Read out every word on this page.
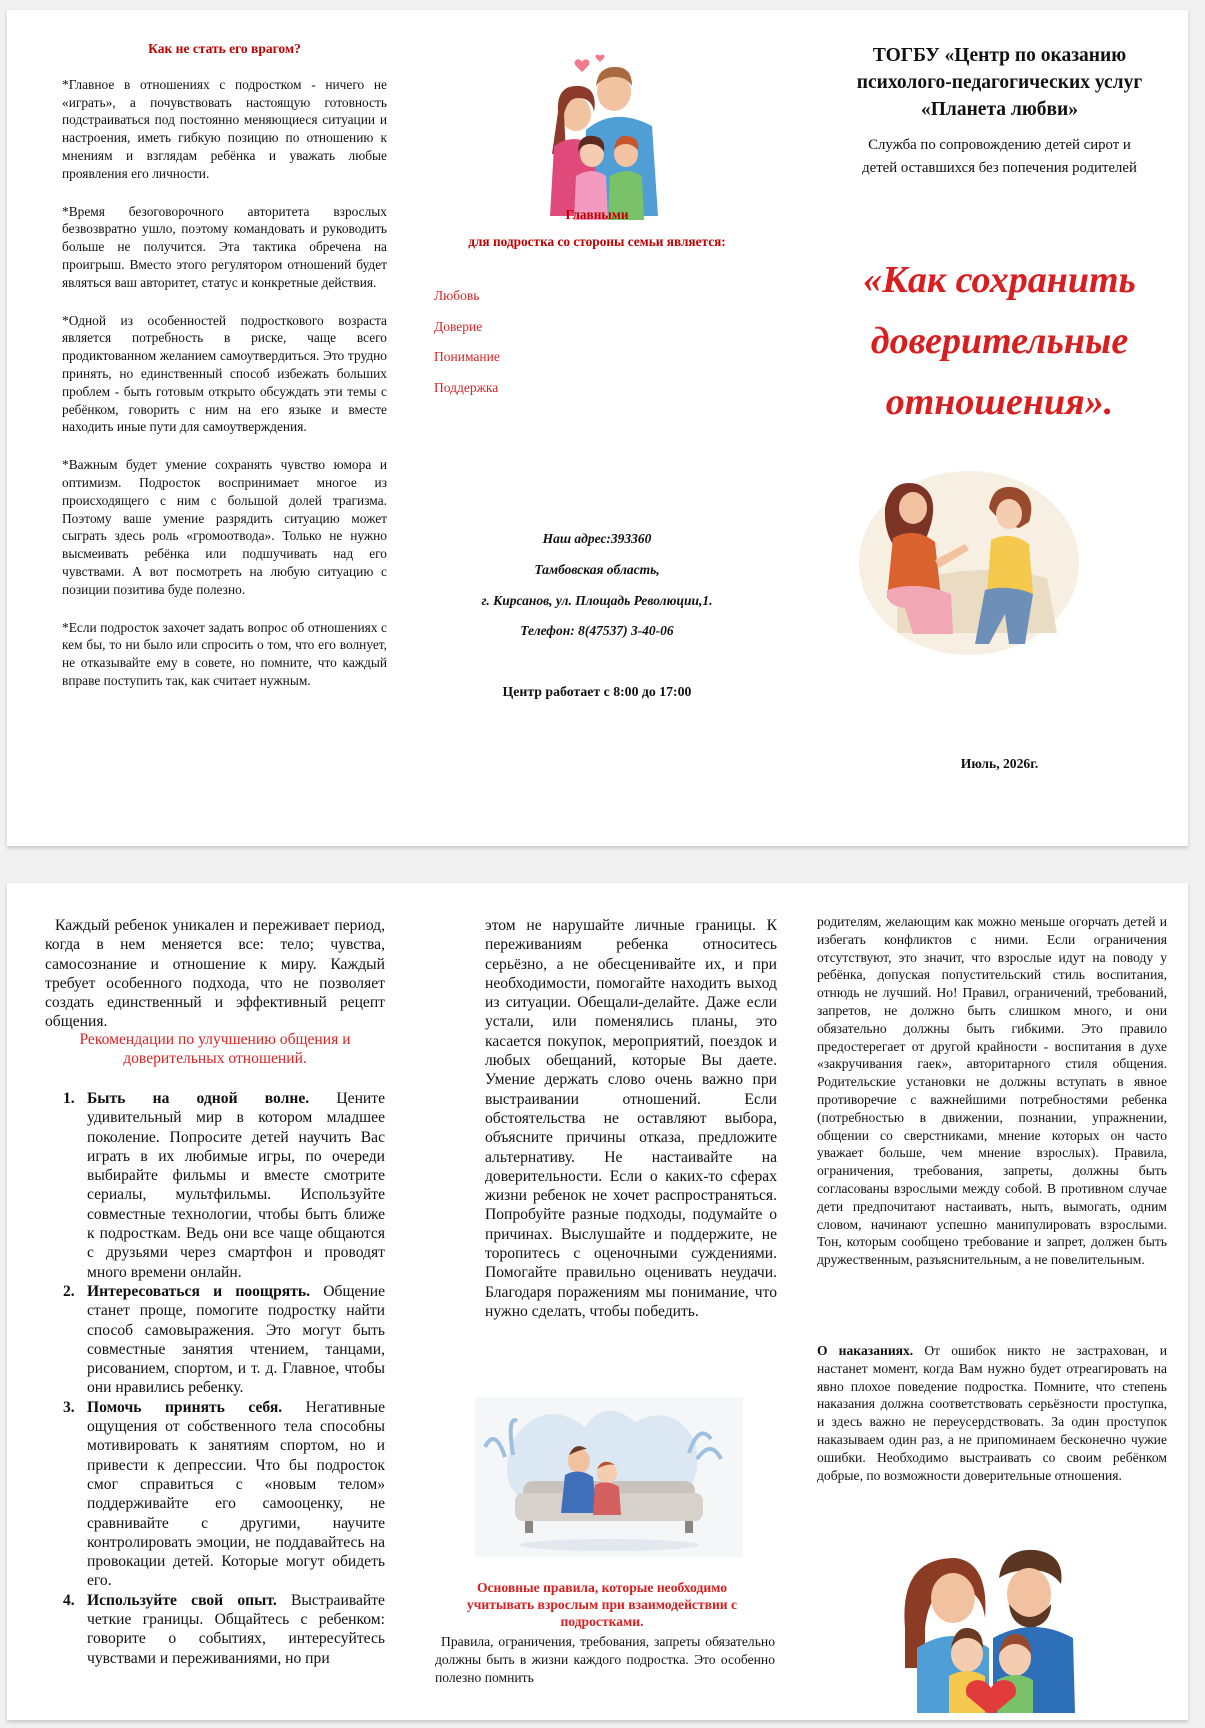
Как не стать его врагом?

*Главное в отношениях с подростком - ничего не «играть», а почувствовать настоящую готовность подстраиваться под постоянно меняющиеся ситуации и настроения, иметь гибкую позицию по отношению к мнениям и взглядам ребёнка и уважать любые проявления его личности.

*Время безоговорочного авторитета взрослых безвозвратно ушло, поэтому командовать и руководить больше не получится. Эта тактика обречена на проигрыш. Вместо этого регулятором отношений будет являться ваш авторитет, статус и конкретные действия.

*Одной из особенностей подросткового возраста является потребность в риске, чаще всего продиктованном желанием самоутвердиться. Это трудно принять, но единственный способ избежать больших проблем - быть готовым открыто обсуждать эти темы с ребёнком, говорить с ним на его языке и вместе находить иные пути для самоутверждения.

*Важным будет умение сохранять чувство юмора и оптимизм. Подросток воспринимает многое из происходящего с ним с большой долей трагизма. Поэтому ваше умение разрядить ситуацию может сыграть здесь роль «громоотвода». Только не нужно высмеивать ребёнка или подшучивать над его чувствами. А вот посмотреть на любую ситуацию с позиции позитива буде полезно.

*Если подросток захочет задать вопрос об отношениях с кем бы, то ни было или спросить о том, что его волнует, не отказывайте ему в совете, но помните, что каждый вправе поступить так, как считает нужным.

Главными
для подростка со стороны семьи является:
Любовь
Доверие
Понимание
Поддержка
Наш адрес:393360
Тамбовская область,
г. Кирсанов, ул. Площадь Революции,1.
Телефон: 8(47537) 3-40-06
Центр работает с 8:00 до 17:00
ТОГБУ «Центр по оказанию
психолого-педагогических услуг
«Планета любви»
Служба по сопровождению детей сирот и
детей оставшихся без попечения родителей
«Как сохранить
доверительные
отношения».
Июль, 2026г.
Каждый ребенок уникален и переживает период, когда в нем меняется все: тело; чувства, самосознание и отношение к миру. Каждый требует особенного подхода, что не позволяет создать единственный и эффективный рецепт общения.
Рекомендации по улучшению общения и
доверительных отношений.
1. Быть на одной волне. Цените удивительный мир в котором младшее поколение. Попросите детей научить Вас играть в их любимые игры, по очереди выбирайте фильмы и вместе смотрите сериалы, мультфильмы. Используйте совместные технологии, чтобы быть ближе к подросткам. Ведь они все чаще общаются с друзьями через смартфон и проводят много времени онлайн.
2. Интересоваться и поощрять. Общение станет проще, помогите подростку найти способ самовыражения. Это могут быть совместные занятия чтением, танцами, рисованием, спортом, и т. д. Главное, чтобы они нравились ребенку.
3. Помочь принять себя. Негативные ощущения от собственного тела способны мотивировать к занятиям спортом, но и привести к депрессии. Что бы подросток смог справиться с «новым телом» поддерживайте его самооценку, не сравнивайте с другими, научите контролировать эмоции, не поддавайтесь на провокации детей. Которые могут обидеть его.
4. Используйте свой опыт. Выстраивайте четкие границы. Общайтесь с ребенком: говорите о событиях, интересуйтесь чувствами и переживаниями, но при
этом не нарушайте личные границы. К переживаниям ребенка относитесь серьёзно, а не обесценивайте их, и при необходимости, помогайте находить выход из ситуации. Обещали-делайте. Даже если устали, или поменялись планы, это касается покупок, мероприятий, поездок и любых обещаний, которые Вы даете. Умение держать слово очень важно при выстраивании отношений. Если обстоятельства не оставляют выбора, объясните причины отказа, предложите альтернативу. Не настаивайте на доверительности. Если о каких-то сферах жизни ребенок не хочет распространяться. Попробуйте разные подходы, подумайте о причинах. Выслушайте и поддержите, не торопитесь с оценочными суждениями. Помогайте правильно оценивать неудачи. Благодаря поражениям мы понимание, что нужно сделать, чтобы победить.
Основные правила, которые необходимо
учитывать взрослым при взаимодействии с
подростками.
Правила, ограничения, требования, запреты обязательно должны быть в жизни каждого подростка. Это особенно полезно помнить
родителям, желающим как можно меньше огорчать детей и избегать конфликтов с ними. Если ограничения отсутствуют, это значит, что взрослые идут на поводу у ребёнка, допуская попустительский стиль воспитания, отнюдь не лучший. Но! Правил, ограничений, требований, запретов, не должно быть слишком много, и они обязательно должны быть гибкими. Это правило предостерегает от другой крайности - воспитания в духе «закручивания гаек», авторитарного стиля общения. Родительские установки не должны вступать в явное противоречие с важнейшими потребностями ребенка (потребностью в движении, познании, упражнении, общении со сверстниками, мнение которых он часто уважает больше, чем мнение взрослых). Правила, ограничения, требования, запреты, должны быть согласованы взрослыми между собой. В противном случае дети предпочитают настаивать, ныть, вымогать, одним словом, начинают успешно манипулировать взрослыми. Тон, которым сообщено требование и запрет, должен быть дружественным, разъяснительным, а не повелительным.
О наказаниях. От ошибок никто не застрахован, и настанет момент, когда Вам нужно будет отреагировать на явно плохое поведение подростка. Помните, что степень наказания должна соответствовать серьёзности проступка, и здесь важно не переусердствовать. За один проступок наказываем один раз, а не припоминаем бесконечно чужие ошибки. Необходимо выстраивать со своим ребёнком добрые, по возможности доверительные отношения.
